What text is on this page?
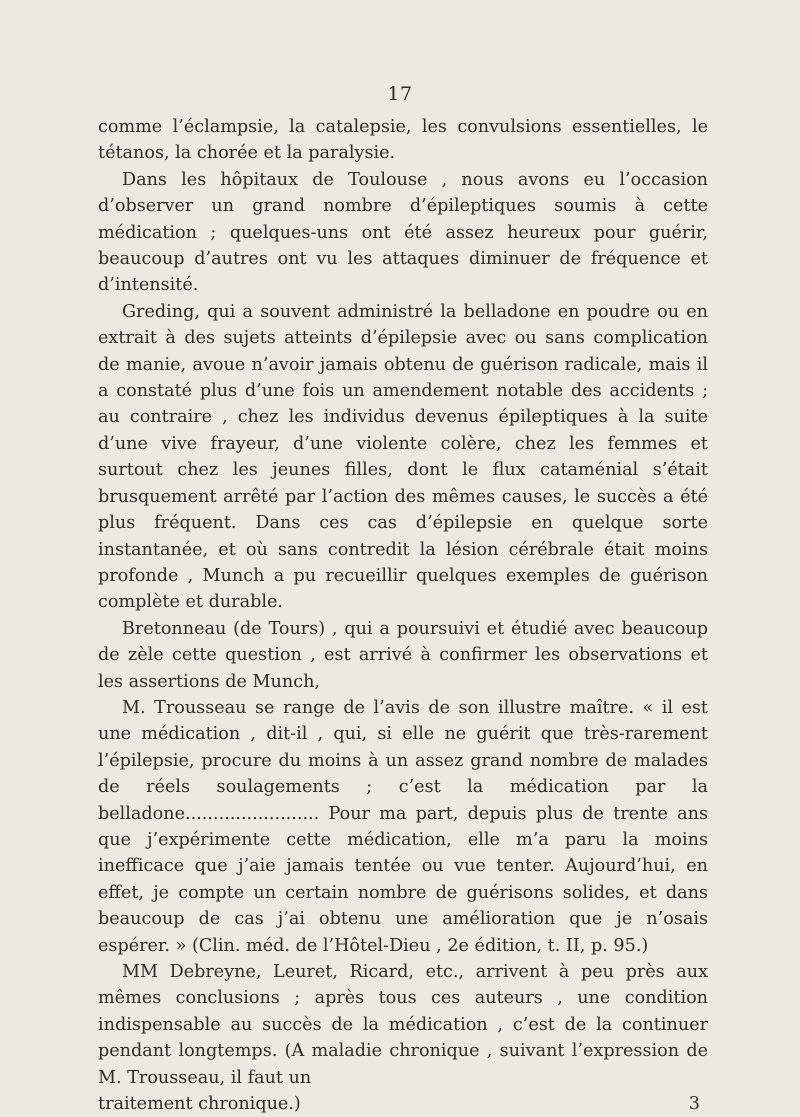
17

comme l’éclampsie, la catalepsie, les convulsions essentielles, le tétanos, la chorée et la paralysie.

Dans les hôpitaux de Toulouse , nous avons eu l’occasion d’observer un grand nombre d’épileptiques soumis à cette médication ; quelques-uns ont été assez heureux pour guérir, beaucoup d’autres ont vu les attaques diminuer de fréquence et d’intensité.

Greding, qui a souvent administré la belladone en poudre ou en extrait à des sujets atteints d’épilepsie avec ou sans complication de manie, avoue n’avoir jamais obtenu de guérison radicale, mais il a constaté plus d’une fois un amendement notable des accidents ; au contraire , chez les individus devenus épileptiques à la suite d’une vive frayeur, d’une violente colère, chez les femmes et surtout chez les jeunes filles, dont le flux cataménial s’était brusquement arrêté par l’action des mêmes causes, le succès a été plus fréquent. Dans ces cas d’épilepsie en quelque sorte instantanée, et où sans contredit la lésion cérébrale était moins profonde , Munch a pu recueillir quelques exemples de guérison complète et durable.

Bretonneau (de Tours) , qui a poursuivi et étudié avec beaucoup de zèle cette question , est arrivé à confirmer les observations et les assertions de Munch,

M. Trousseau se range de l’avis de son illustre maître. « il est une médication , dit-il , qui, si elle ne guérit que très-rarement l’épilepsie, procure du moins à un assez grand nombre de malades de réels soulagements ; c’est la médication par la belladone........................ Pour ma part, depuis plus de trente ans que j’expérimente cette médication, elle m’a paru la moins inefficace que j’aie jamais tentée ou vue tenter. Aujourd’hui, en effet, je compte un certain nombre de guérisons solides, et dans beaucoup de cas j’ai obtenu une amélioration que je n’osais espérer. » (Clin. méd. de l’Hôtel-Dieu , 2e édition, t. II, p. 95.)

MM Debreyne, Leuret, Ricard, etc., arrivent à peu près aux mêmes conclusions ; après tous ces auteurs , une condition indispensable au succès de la médication , c’est de la continuer pendant longtemps. (A maladie chronique , suivant l’expression de M. Trousseau, il faut un

traitement chronique.)	3
